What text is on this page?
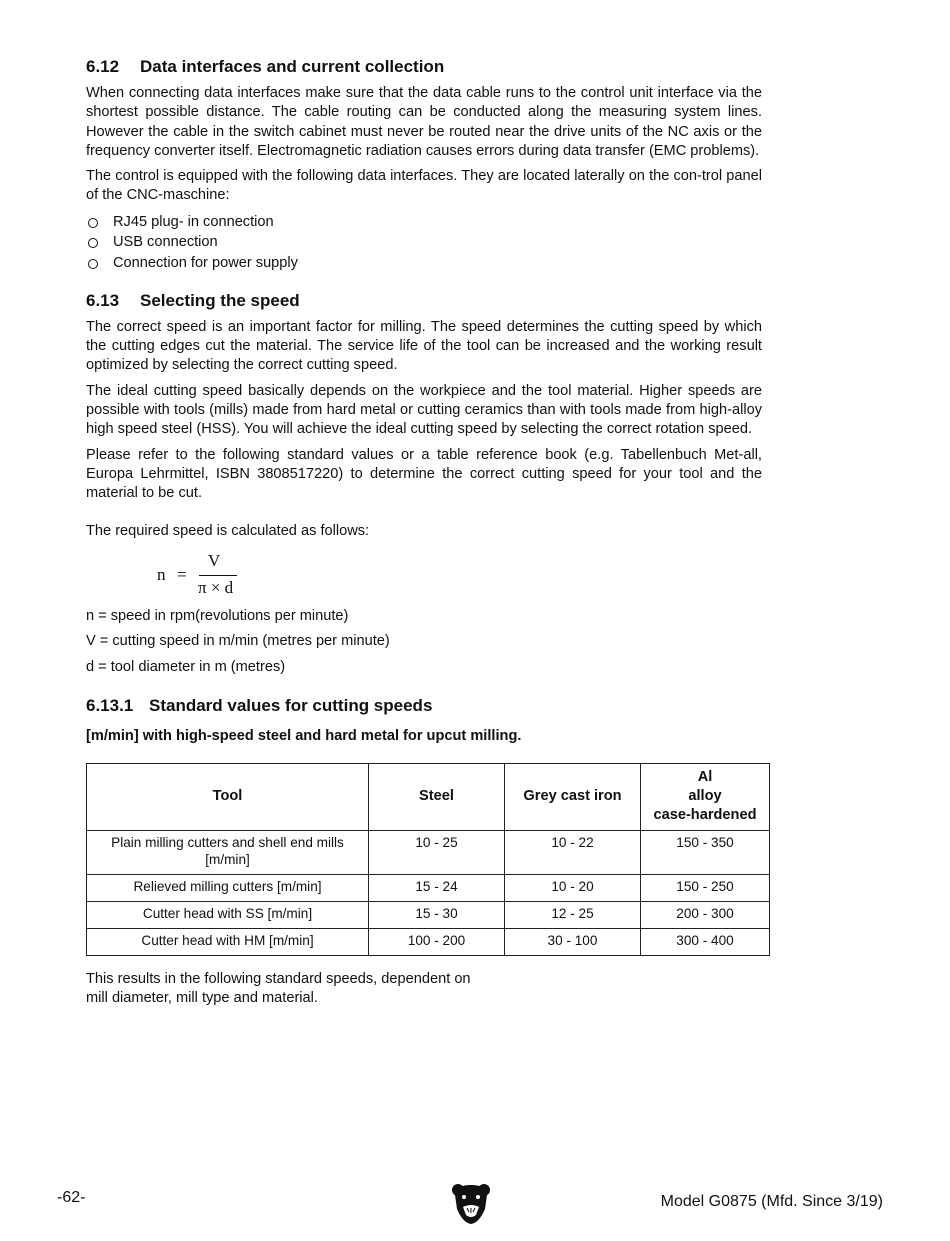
6.12 Data interfaces and current collection

When connecting data interfaces make sure that the data cable runs to the control unit interface via the shortest possible distance. The cable routing can be conducted along the measuring system lines. However the cable in the switch cabinet must never be routed near the drive units of the NC axis or the frequency converter itself. Electromagnetic radiation causes errors during data transfer (EMC problems).

The control is equipped with the following data interfaces. They are located laterally on the con-trol panel of the CNC-maschine:

RJ45 plug- in connection
USB connection
Connection for power supply
6.13 Selecting the speed

The correct speed is an important factor for milling. The speed determines the cutting speed by which the cutting edges cut the material. The service life of the tool can be increased and the working result optimized by selecting the correct cutting speed.

The ideal cutting speed basically depends on the workpiece and the tool material. Higher speeds are possible with tools (mills) made from hard metal or cutting ceramics than with tools made from high-alloy high speed steel (HSS). You will achieve the ideal cutting speed by selecting the correct rotation speed.

Please refer to the following standard values or a table reference book (e.g. Tabellenbuch Met-all, Europa Lehrmittel, ISBN 3808517220) to determine the correct cutting speed for your tool and the material to be cut.

The required speed is calculated as follows:

n =
V
π × d

n = speed in rpm(revolutions per minute)

V = cutting speed in m/min (metres per minute)

d = tool diameter in m (metres)

6.13.1 Standard values for cutting speeds

[m/min] with high-speed steel and hard metal for upcut milling.

Tool	Steel	Grey cast iron	Al
alloy
case-hardened
Plain milling cutters and shell end mills [m/min]	10 - 25	10 - 22	150 - 350
Relieved milling cutters [m/min]	15 - 24	10 - 20	150 - 250
Cutter head with SS [m/min]	15 - 30	12 - 25	200 - 300
Cutter head with HM [m/min]	100 - 200	30 - 100	300 - 400

This results in the following standard speeds, dependent on
mill diameter, mill type and material.

-62-	Model G0875 (Mfd. Since 3/19)
